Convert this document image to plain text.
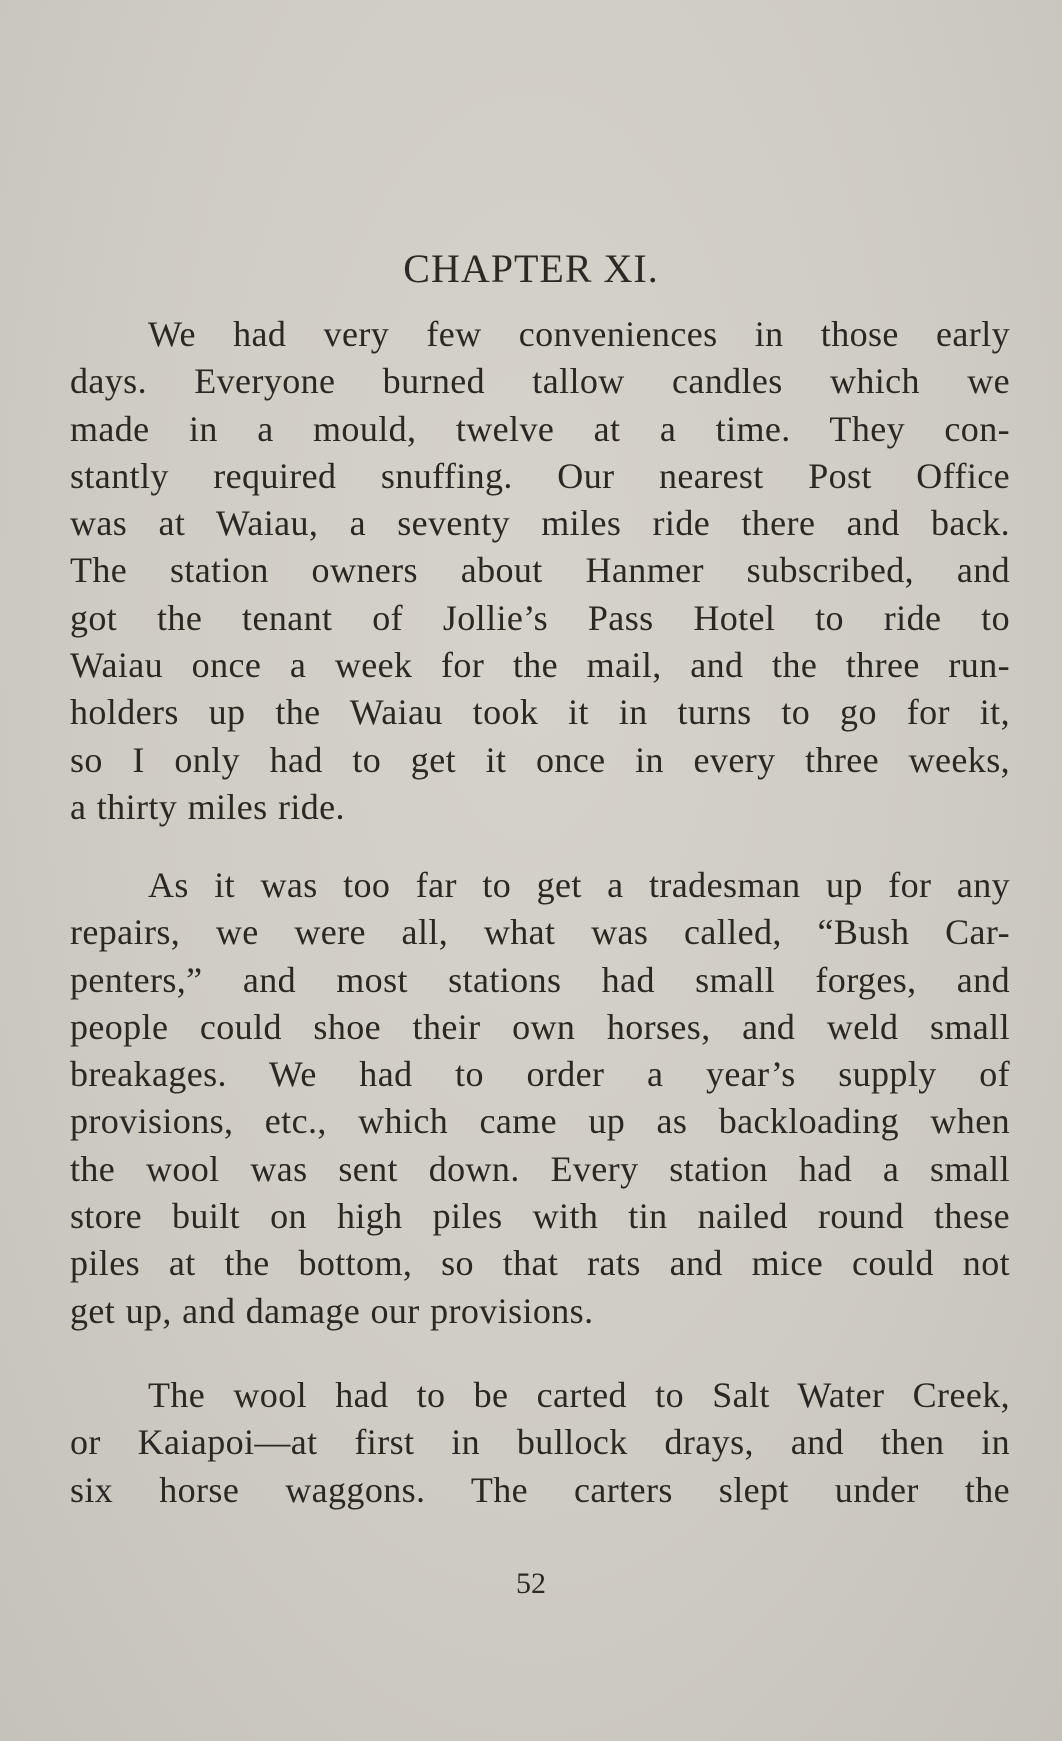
CHAPTER XI.

We had very few conveniences in those early
days. Everyone burned tallow candles which we
made in a mould, twelve at a time. They con-
stantly required snuffing. Our nearest Post Office
was at Waiau, a seventy miles ride there and back.
The station owners about Hanmer subscribed, and
got the tenant of Jollie’s Pass Hotel to ride to
Waiau once a week for the mail, and the three run-
holders up the Waiau took it in turns to go for it,
so I only had to get it once in every three weeks,
a thirty miles ride.

As it was too far to get a tradesman up for any
repairs, we were all, what was called, “Bush Car-
penters,” and most stations had small forges, and
people could shoe their own horses, and weld small
breakages. We had to order a year’s supply of
provisions, etc., which came up as backloading when
the wool was sent down. Every station had a small
store built on high piles with tin nailed round these
piles at the bottom, so that rats and mice could not
get up, and damage our provisions.

The wool had to be carted to Salt Water Creek,
or Kaiapoi—at first in bullock drays, and then in
six horse waggons. The carters slept under the

52
